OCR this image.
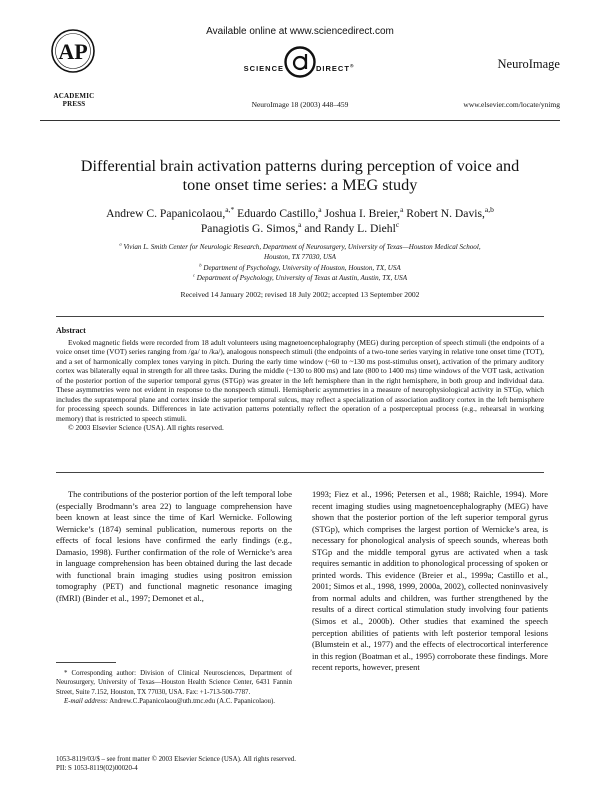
AP
ACADEMIC
PRESS
Available online at www.sciencedirect.com
SCIENCE	DIRECT®	NeuroImage
NeuroImage 18 (2003) 448–459	www.elsevier.com/locate/ynimg
Differential brain activation patterns during perception of voice and tone onset time series: a MEG study
Andrew C. Papanicolaou,$^{a,*}$ Eduardo Castillo,$^a$ Joshua I. Breier,$^a$ Robert N. Davis,$^{a,b}$
Panagiotis G. Simos,$^a$ and Randy L. Diehl$^c$
$^a$ Vivian L. Smith Center for Neurologic Research, Department of Neurosurgery, University of Texas—Houston Medical School,
Houston, TX 77030, USA
$^b$ Department of Psychology, University of Houston, Houston, TX, USA
$^c$ Department of Psychology, University of Texas at Austin, Austin, TX, USA
Received 14 January 2002; revised 18 July 2002; accepted 13 September 2002
Abstract

Evoked magnetic fields were recorded from 18 adult volunteers using magnetoencephalography (MEG) during perception of speech stimuli (the endpoints of a voice onset time (VOT) series ranging from /ga/ to /ka/), analogous nonspeech stimuli (the endpoints of a two-tone series varying in relative tone onset time (TOT), and a set of harmonically complex tones varying in pitch. During the early time window (~60 to ~130 ms post-stimulus onset), activation of the primary auditory cortex was bilaterally equal in strength for all three tasks. During the middle (~130 to 800 ms) and late (800 to 1400 ms) time windows of the VOT task, activation of the posterior portion of the superior temporal gyrus (STGp) was greater in the left hemisphere than in the right hemisphere, in both group and individual data. These asymmetries were not evident in response to the nonspeech stimuli. Hemispheric asymmetries in a measure of neurophysiological activity in STGp, which includes the supratemporal plane and cortex inside the superior temporal sulcus, may reflect a specialization of association auditory cortex in the left hemisphere for processing speech sounds. Differences in late activation patterns potentially reflect the operation of a postperceptual process (e.g., rehearsal in working memory) that is restricted to speech stimuli.

© 2003 Elsevier Science (USA). All rights reserved.

The contributions of the posterior portion of the left temporal lobe (especially Brodmann’s area 22) to language comprehension have been known at least since the time of Karl Wernicke. Following Wernicke’s (1874) seminal publication, numerous reports on the effects of focal lesions have confirmed the early findings (e.g., Damasio, 1998). Further confirmation of the role of Wernicke’s area in language comprehension has been obtained during the last decade with functional brain imaging studies using positron emission tomography (PET) and functional magnetic resonance imaging (fMRI) (Binder et al., 1997; Demonet et al.,

1993; Fiez et al., 1996; Petersen et al., 1988; Raichle, 1994). More recent imaging studies using magnetoencephalography (MEG) have shown that the posterior portion of the left superior temporal gyrus (STGp), which comprises the largest portion of Wernicke’s area, is necessary for phonological analysis of speech sounds, whereas both STGp and the middle temporal gyrus are activated when a task requires semantic in addition to phonological processing of spoken or printed words. This evidence (Breier et al., 1999a; Castillo et al., 2001; Simos et al., 1998, 1999, 2000a, 2002), collected noninvasively from normal adults and children, was further strengthened by the results of a direct cortical stimulation study involving four patients (Simos et al., 2000b). Other studies that examined the speech perception abilities of patients with left posterior temporal lesions (Blumstein et al., 1977) and the effects of electrocortical interference in this region (Boatman et al., 1995) corroborate these findings. More recent reports, however, present

* Corresponding author: Division of Clinical Neurosciences, Department of Neurosurgery, University of Texas—Houston Health Science Center, 6431 Fannin Street, Suite 7.152, Houston, TX 77030, USA. Fax: +1-713-500-7787.

E-mail address: Andrew.C.Papanicolaou@uth.tmc.edu (A.C. Papanicolaou).

1053-8119/03/$ – see front matter © 2003 Elsevier Science (USA). All rights reserved.
PII: S 1053-8119(02)00020-4
